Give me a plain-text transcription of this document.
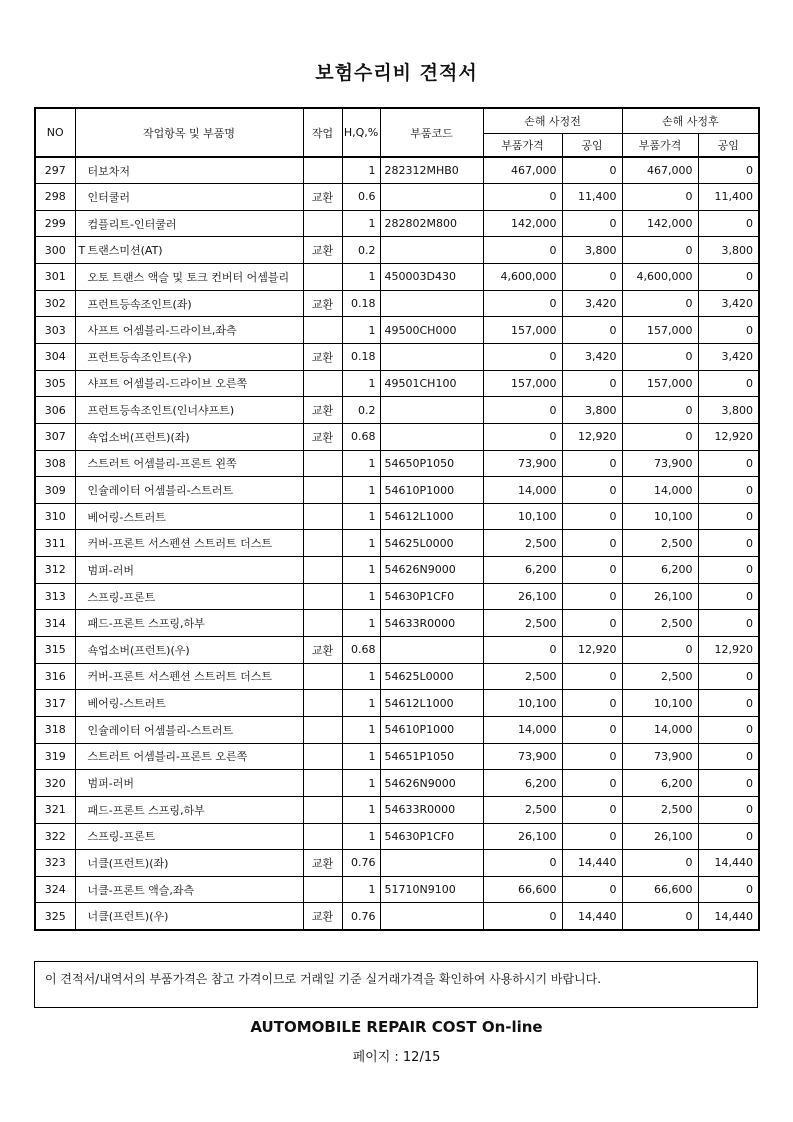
보험수리비 견적서
NO	작업항목 및 부품명	작업	H,Q,%	부품코드	손해 사정전		손해 사정후	
					부품가격	공임	부품가격	공임
297	터보차저		1	282312MHB0	467,000	0	467,000	0
298	인터쿨러	교환	0.6		0	11,400	0	11,400
299	컴플리트-인터쿨러		1	282802M800	142,000	0	142,000	0
300	T 트랜스미션(AT)	교환	0.2		0	3,800	0	3,800
301	오토 트랜스 액슬 및 토크 컨버터 어셈블리		1	450003D430	4,600,000	0	4,600,000	0
302	프런트등속조인트(좌)	교환	0.18		0	3,420	0	3,420
303	사프트 어셈블리-드라이브,좌측		1	49500CH000	157,000	0	157,000	0
304	프런트등속조인트(우)	교환	0.18		0	3,420	0	3,420
305	샤프트 어셈블리-드라이브 오른쪽		1	49501CH100	157,000	0	157,000	0
306	프런트등속조인트(인너샤프트)	교환	0.2		0	3,800	0	3,800
307	쇽업소버(프런트)(좌)	교환	0.68		0	12,920	0	12,920
308	스트러트 어셈블리-프론트 왼쪽		1	54650P1050	73,900	0	73,900	0
309	인슐레이터 어셈블리-스트러트		1	54610P1000	14,000	0	14,000	0
310	베어링-스트러트		1	54612L1000	10,100	0	10,100	0
311	커버-프론트 서스펜션 스트러트 더스트		1	54625L0000	2,500	0	2,500	0
312	범퍼-러버		1	54626N9000	6,200	0	6,200	0
313	스프링-프론트		1	54630P1CF0	26,100	0	26,100	0
314	패드-프론트 스프링,하부		1	54633R0000	2,500	0	2,500	0
315	쇽업소버(프런트)(우)	교환	0.68		0	12,920	0	12,920
316	커버-프론트 서스펜션 스트러트 더스트		1	54625L0000	2,500	0	2,500	0
317	베어링-스트러트		1	54612L1000	10,100	0	10,100	0
318	인슐레이터 어셈블리-스트러트		1	54610P1000	14,000	0	14,000	0
319	스트러트 어셈블리-프론트 오른쪽		1	54651P1050	73,900	0	73,900	0
320	범퍼-러버		1	54626N9000	6,200	0	6,200	0
321	패드-프론트 스프링,하부		1	54633R0000	2,500	0	2,500	0
322	스프링-프론트		1	54630P1CF0	26,100	0	26,100	0
323	너클(프런트)(좌)	교환	0.76		0	14,440	0	14,440
324	너클-프론트 액슬,좌측		1	51710N9100	66,600	0	66,600	0
325	너클(프런트)(우)	교환	0.76		0	14,440	0	14,440
이 견적서/내역서의 부품가격은 참고 가격이므로 거래일 기준 실거래가격을 확인하여 사용하시기 바랍니다.
AUTOMOBILE REPAIR COST On-line
페이지 : 12/15
